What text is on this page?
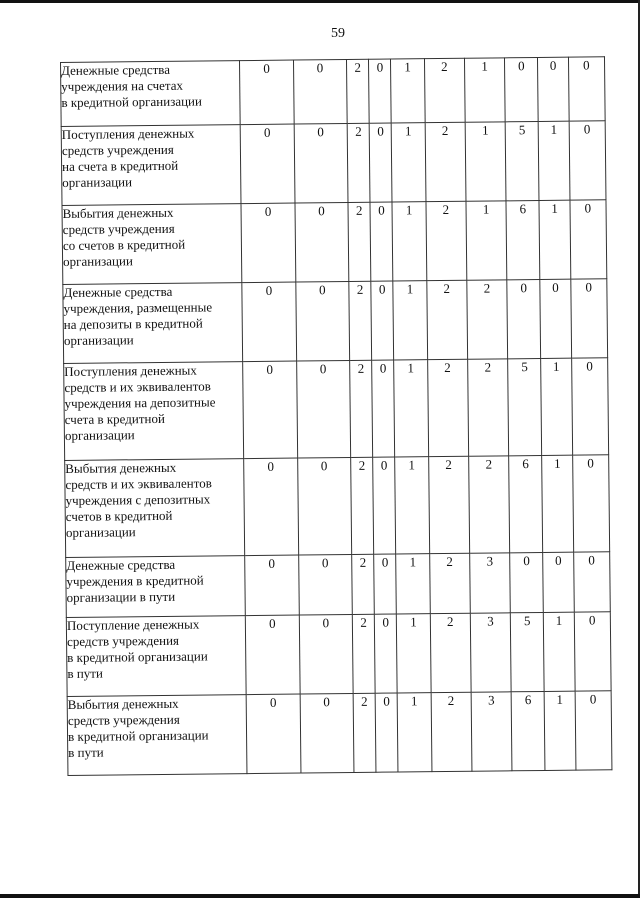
59
Денежные средства
учреждения на счетах
в кредитной организации	0	0	2	0	1	2	1	0	0	0
Поступления денежных
средств учреждения
на счета в кредитной
организации	0	0	2	0	1	2	1	5	1	0
Выбытия денежных
средств учреждения
со счетов в кредитной
организации	0	0	2	0	1	2	1	6	1	0
Денежные средства
учреждения, размещенные
на депозиты в кредитной
организации	0	0	2	0	1	2	2	0	0	0
Поступления денежных
средств и их эквивалентов
учреждения на депозитные
счета в кредитной
организации	0	0	2	0	1	2	2	5	1	0
Выбытия денежных
средств и их эквивалентов
учреждения с депозитных
счетов в кредитной
организации	0	0	2	0	1	2	2	6	1	0
Денежные средства
учреждения в кредитной
организации в пути	0	0	2	0	1	2	3	0	0	0
Поступление денежных
средств учреждения
в кредитной организации
в пути	0	0	2	0	1	2	3	5	1	0
Выбытия денежных
средств учреждения
в кредитной организации
в пути	0	0	2	0	1	2	3	6	1	0
